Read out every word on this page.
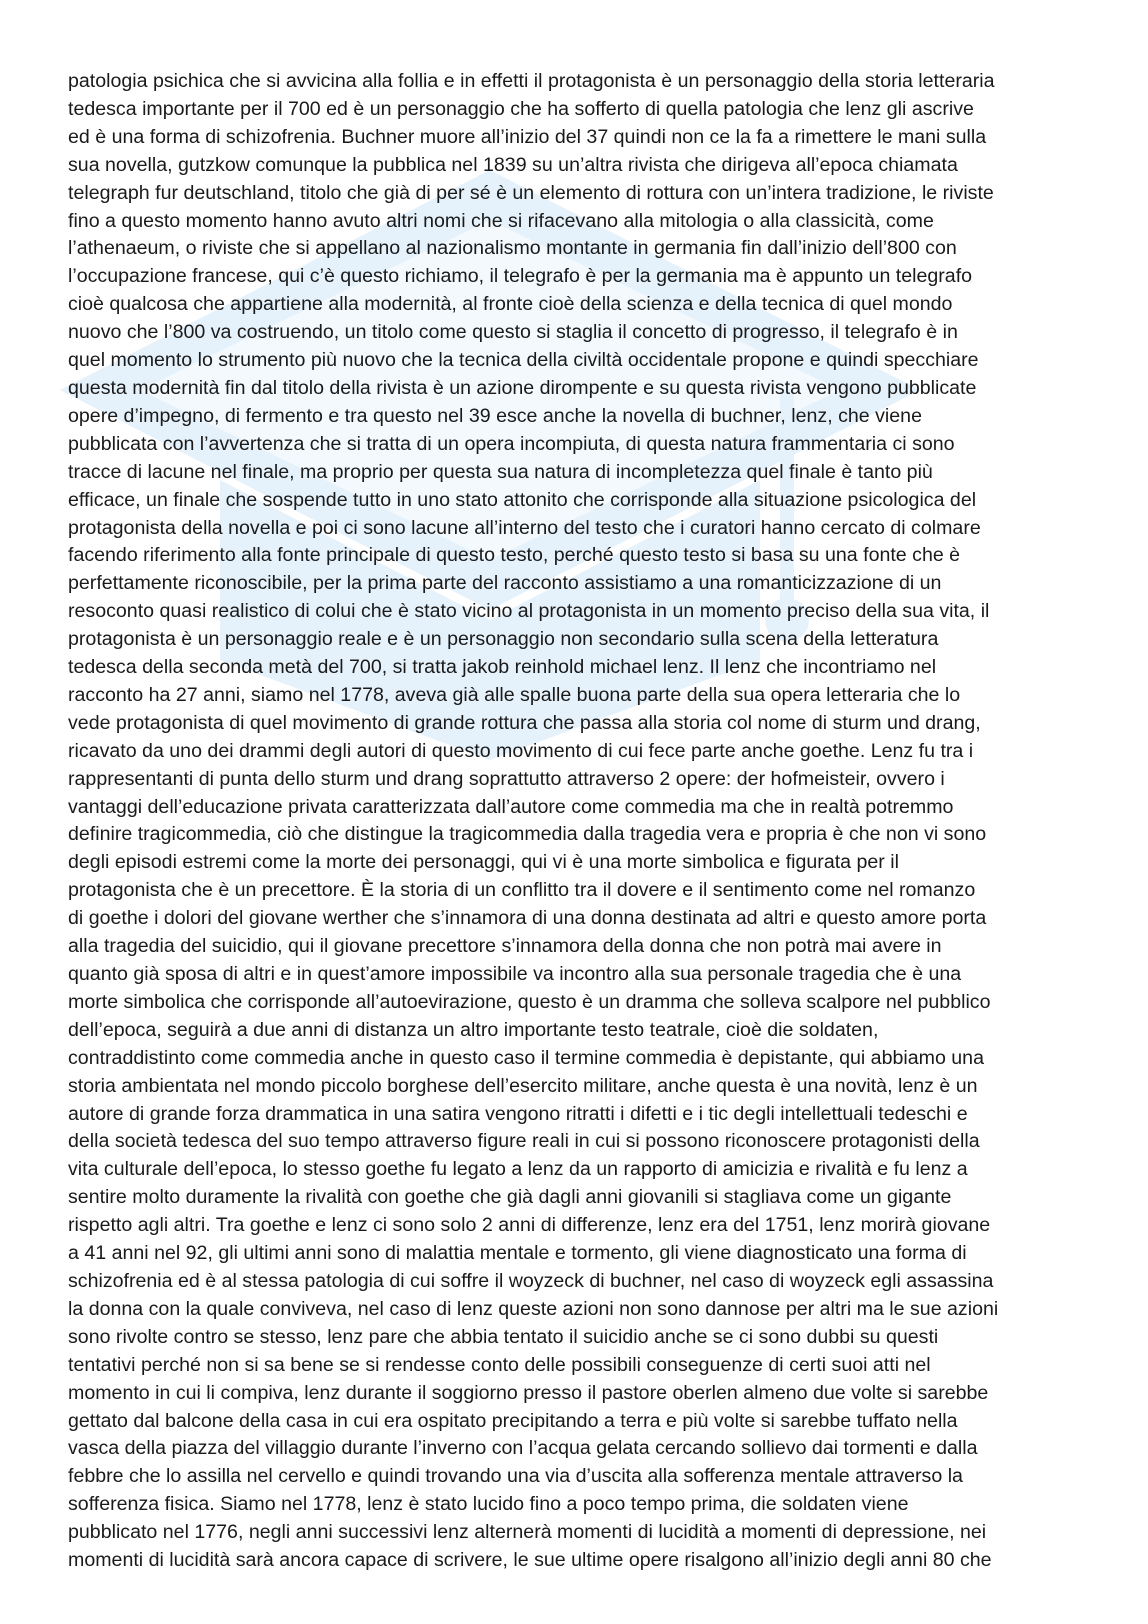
patologia psichica che si avvicina alla follia e in effetti il protagonista è un personaggio della storia letteraria
tedesca importante per il 700 ed è un personaggio che ha sofferto di quella patologia che lenz gli ascrive
ed è una forma di schizofrenia. Buchner muore all’inizio del 37 quindi non ce la fa a rimettere le mani sulla
sua novella, gutzkow comunque la pubblica nel 1839 su un’altra rivista che dirigeva all’epoca chiamata
telegraph fur deutschland, titolo che già di per sé è un elemento di rottura con un’intera tradizione, le riviste
fino a questo momento hanno avuto altri nomi che si rifacevano alla mitologia o alla classicità, come
l’athenaeum, o riviste che si appellano al nazionalismo montante in germania fin dall’inizio dell’800 con
l’occupazione francese, qui c’è questo richiamo, il telegrafo è per la germania ma è appunto un telegrafo
cioè qualcosa che appartiene alla modernità, al fronte cioè della scienza e della tecnica di quel mondo
nuovo che l’800 va costruendo, un titolo come questo si staglia il concetto di progresso, il telegrafo è in
quel momento lo strumento più nuovo che la tecnica della civiltà occidentale propone e quindi specchiare
questa modernità fin dal titolo della rivista è un azione dirompente e su questa rivista vengono pubblicate
opere d’impegno, di fermento e tra questo nel 39 esce anche la novella di buchner, lenz, che viene
pubblicata con l’avvertenza che si tratta di un opera incompiuta, di questa natura frammentaria ci sono
tracce di lacune nel finale, ma proprio per questa sua natura di incompletezza quel finale è tanto più
efficace, un finale che sospende tutto in uno stato attonito che corrisponde alla situazione psicologica del
protagonista della novella e poi ci sono lacune all’interno del testo che i curatori hanno cercato di colmare
facendo riferimento alla fonte principale di questo testo, perché questo testo si basa su una fonte che è
perfettamente riconoscibile, per la prima parte del racconto assistiamo a una romanticizzazione di un
resoconto quasi realistico di colui che è stato vicino al protagonista in un momento preciso della sua vita, il
protagonista è un personaggio reale e è un personaggio non secondario sulla scena della letteratura
tedesca della seconda metà del 700, si tratta jakob reinhold michael lenz. Il lenz che incontriamo nel
racconto ha 27 anni, siamo nel 1778, aveva già alle spalle buona parte della sua opera letteraria che lo
vede protagonista di quel movimento di grande rottura che passa alla storia col nome di sturm und drang,
ricavato da uno dei drammi degli autori di questo movimento di cui fece parte anche goethe. Lenz fu tra i
rappresentanti di punta dello sturm und drang soprattutto attraverso 2 opere: der hofmeisteir, ovvero i
vantaggi dell’educazione privata caratterizzata dall’autore come commedia ma che in realtà potremmo
definire tragicommedia, ciò che distingue la tragicommedia dalla tragedia vera e propria è che non vi sono
degli episodi estremi come la morte dei personaggi, qui vi è una morte simbolica e figurata per il
protagonista che è un precettore. È la storia di un conflitto tra il dovere e il sentimento come nel romanzo
di goethe i dolori del giovane werther che s’innamora di una donna destinata ad altri e questo amore porta
alla tragedia del suicidio, qui il giovane precettore s’innamora della donna che non potrà mai avere in
quanto già sposa di altri e in quest’amore impossibile va incontro alla sua personale tragedia che è una
morte simbolica che corrisponde all’autoevirazione, questo è un dramma che solleva scalpore nel pubblico
dell’epoca, seguirà a due anni di distanza un altro importante testo teatrale, cioè die soldaten,
contraddistinto come commedia anche in questo caso il termine commedia è depistante, qui abbiamo una
storia ambientata nel mondo piccolo borghese dell’esercito militare, anche questa è una novità, lenz è un
autore di grande forza drammatica in una satira vengono ritratti i difetti e i tic degli intellettuali tedeschi e
della società tedesca del suo tempo attraverso figure reali in cui si possono riconoscere protagonisti della
vita culturale dell’epoca, lo stesso goethe fu legato a lenz da un rapporto di amicizia e rivalità e fu lenz a
sentire molto duramente la rivalità con goethe che già dagli anni giovanili si stagliava come un gigante
rispetto agli altri. Tra goethe e lenz ci sono solo 2 anni di differenze, lenz era del 1751, lenz morirà giovane
a 41 anni nel 92, gli ultimi anni sono di malattia mentale e tormento, gli viene diagnosticato una forma di
schizofrenia ed è al stessa patologia di cui soffre il woyzeck di buchner, nel caso di woyzeck egli assassina
la donna con la quale conviveva, nel caso di lenz queste azioni non sono dannose per altri ma le sue azioni
sono rivolte contro se stesso, lenz pare che abbia tentato il suicidio anche se ci sono dubbi su questi
tentativi perché non si sa bene se si rendesse conto delle possibili conseguenze di certi suoi atti nel
momento in cui li compiva, lenz durante il soggiorno presso il pastore oberlen almeno due volte si sarebbe
gettato dal balcone della casa in cui era ospitato precipitando a terra e più volte si sarebbe tuffato nella
vasca della piazza del villaggio durante l’inverno con l’acqua gelata cercando sollievo dai tormenti e dalla
febbre che lo assilla nel cervello e quindi trovando una via d’uscita alla sofferenza mentale attraverso la
sofferenza fisica. Siamo nel 1778, lenz è stato lucido fino a poco tempo prima, die soldaten viene
pubblicato nel 1776, negli anni successivi lenz alternerà momenti di lucidità a momenti di depressione, nei
momenti di lucidità sarà ancora capace di scrivere, le sue ultime opere risalgono all’inizio degli anni 80 che
